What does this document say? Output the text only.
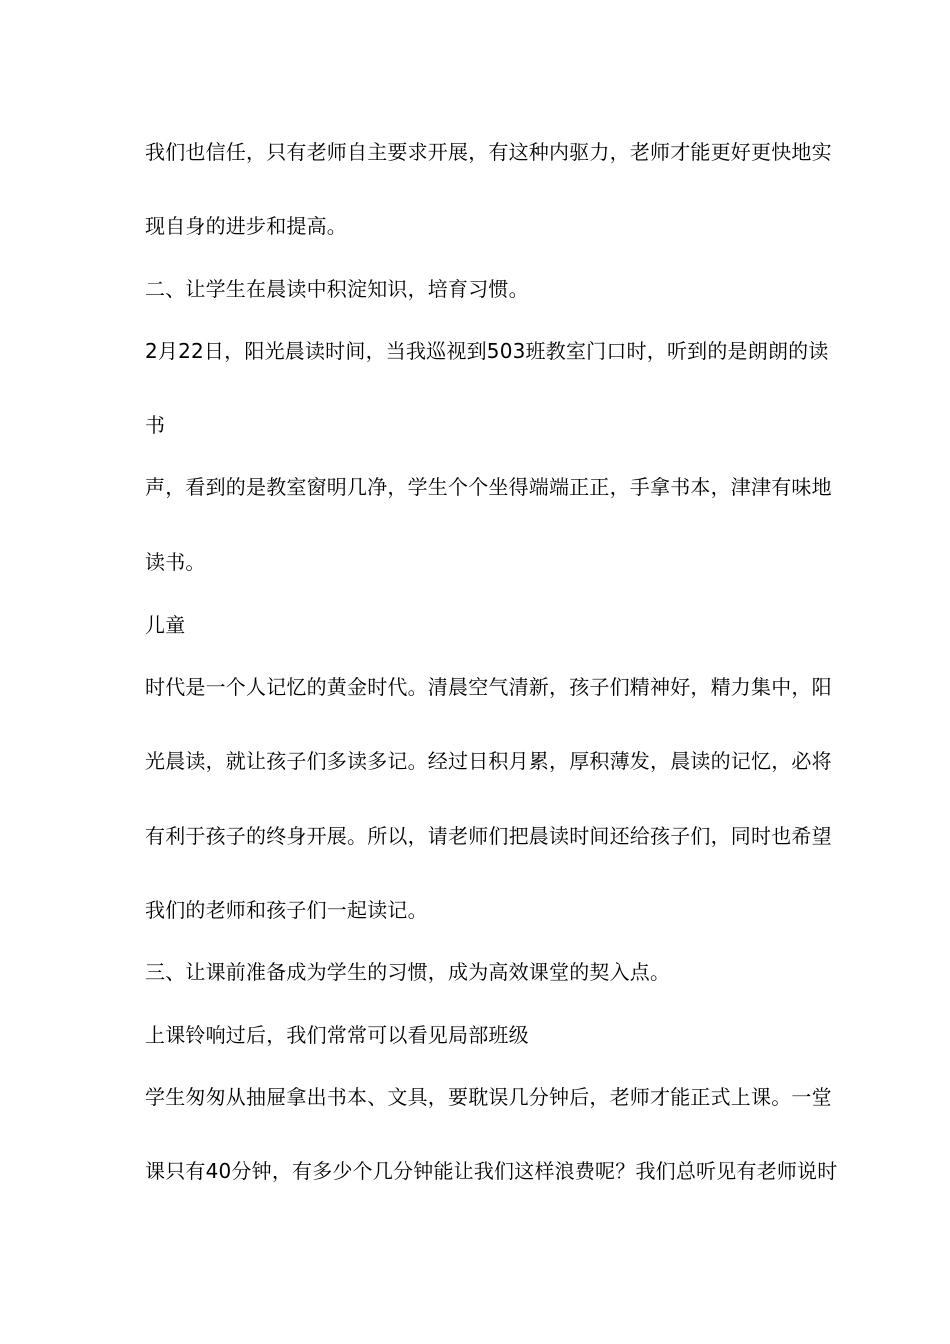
我们也信任，只有老师自主要求开展，有这种内驱力，老师才能更好更快地实
现自身的进步和提高。
二、让学生在晨读中积淀知识，培育习惯。
2月22日，阳光晨读时间，当我巡视到503班教室门口时，听到的是朗朗的读
书
声，看到的是教室窗明几净，学生个个坐得端端正正，手拿书本，津津有味地
读书。
儿童
时代是一个人记忆的黄金时代。清晨空气清新，孩子们精神好，精力集中，阳
光晨读，就让孩子们多读多记。经过日积月累，厚积薄发，晨读的记忆，必将
有利于孩子的终身开展。所以，请老师们把晨读时间还给孩子们，同时也希望
我们的老师和孩子们一起读记。
三、让课前准备成为学生的习惯，成为高效课堂的契入点。
上课铃响过后，我们常常可以看见局部班级
学生匆匆从抽屉拿出书本、文具，要耽误几分钟后，老师才能正式上课。一堂
课只有40分钟，有多少个几分钟能让我们这样浪费呢？我们总听见有老师说时
